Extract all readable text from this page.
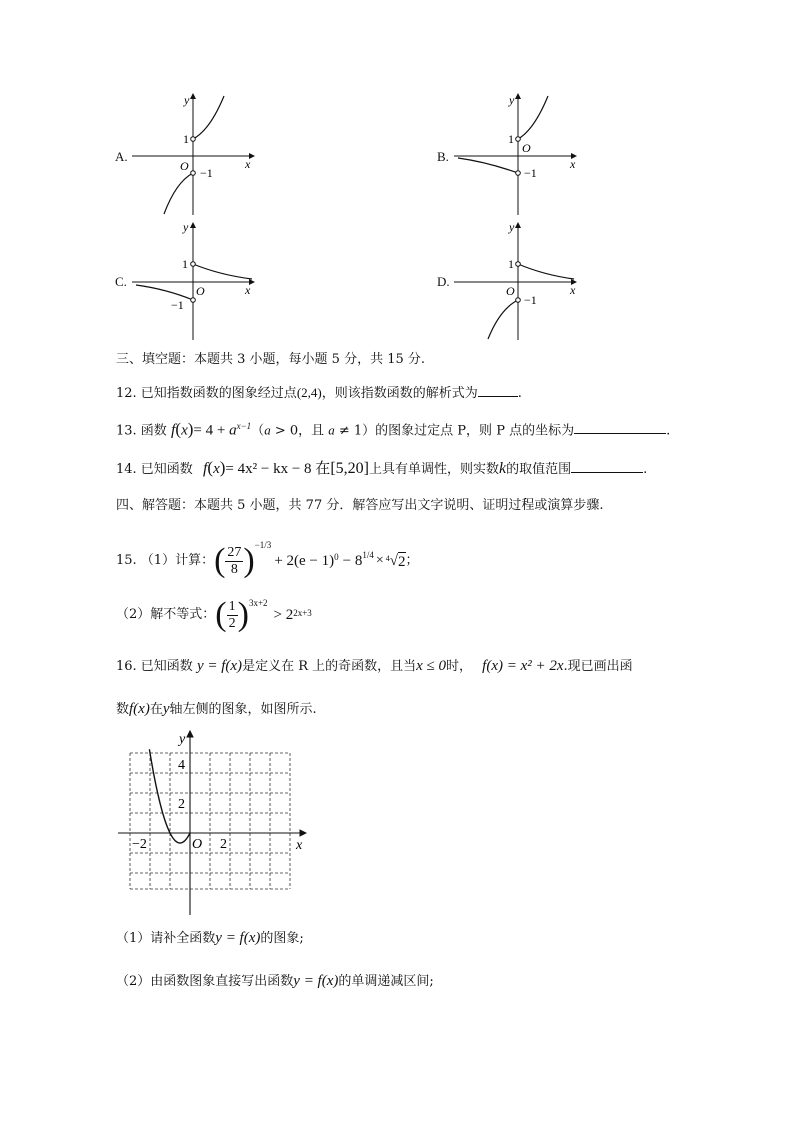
A.
1
−1
O	x
y
B.
1
−1
O
x
y
C.
1
−1
O	x
y
D.
1
−1
O	x
y
三、填空题：本题共 3 小题，每小题 5 分，共 15 分.
12. 已知指数函数的图象经过点(2,4)，则该指数函数的解析式为	.
13. 函数 $f(x)= 4 + a^{x-1}(a > 0$，且 a ≠ 1）的图象过定点 P，则 P 点的坐标为	.
14. 已知函数 f(x)= 4x² − kx − 8 在[5,20]上具有单调性，则实数k的取值范围	.
四、解答题：本题共 5 小题，共 77 分．解答应写出文字说明、证明过程或演算步骤.
15. （1）计算： ( $\frac{27}{8} )^{-1/3}$
+ $2(e - 1)^0 - 8^{1/4} \times 4$ √ 2 ；
（2）解不等式： ( $\frac{1}{2} )^{3x+2}$
> 2 2x+3
16. 已知函数 y = f(x)是定义在 R 上的奇函数，且当x ≤ 0时， f(x) = x² + 2x.现已画出函
数f(x)在y轴左侧的图象，如图所示.
y
x
O
4
2
−2	2
（1）请补全函数y = f(x)的图象;
（2）由函数图象直接写出函数y = f(x)的单调递减区间;
